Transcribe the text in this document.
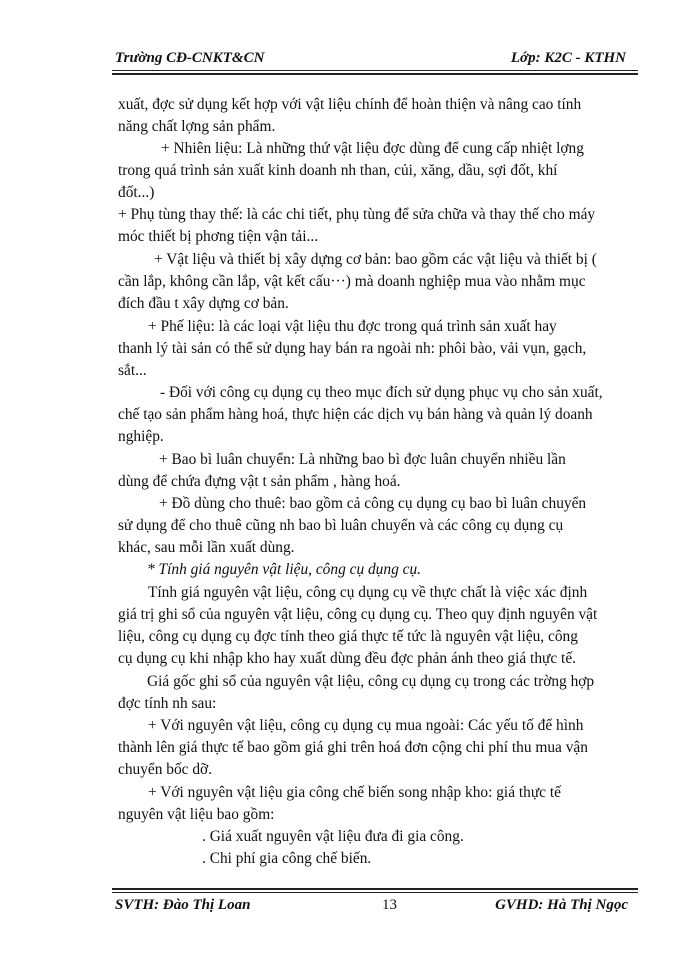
Trường CĐ-CNKT&CN	Lớp: K2C - KTHN
xuất, đợc sử dụng kết hợp với vật liệu chính để hoàn thiện và nâng cao tính
năng chất lợng sản phẩm.
+ Nhiên liệu: Là những thứ vật liệu đợc dùng để cung cấp nhiệt lợng
trong quá trình sản xuất kinh doanh nh than, củi, xăng, dầu, sợi đốt, khí
đốt...)
+ Phụ tùng thay thế: là các chi tiết, phụ tùng để sửa chữa và thay thế cho máy
móc thiết bị phơng tiện vận tải...
+ Vật liệu và thiết bị xây dựng cơ bản: bao gồm các vật liệu và thiết bị (
cần lắp, không cần lắp, vật kết cấu···) mà doanh nghiệp mua vào nhằm mục
đích đầu t xây dựng cơ bản.
+ Phế liệu: là các loại vật liệu thu đợc trong quá trình sản xuất hay
thanh lý tài sản có thể sử dụng hay bán ra ngoài nh: phôi bào, vải vụn, gạch,
sắt...
- Đối với công cụ dụng cụ theo mục đích sử dụng phục vụ cho sản xuất,
chế tạo sản phẩm hàng hoá, thực hiện các dịch vụ bán hàng và quản lý doanh
nghiệp.
+ Bao bì luân chuyển: Là những bao bì đợc luân chuyển nhiều lần
dùng để chứa đựng vật t sản phẩm , hàng hoá.
+ Đồ dùng cho thuê: bao gồm cả công cụ dụng cụ bao bì luân chuyển
sử dụng để cho thuê cũng nh bao bì luân chuyển và các công cụ dụng cụ
khác, sau mỗi lần xuất dùng.
* Tính giá nguyên vật liệu, công cụ dụng cụ.
Tính giá nguyên vật liệu, công cụ dụng cụ về thực chất là việc xác định
giá trị ghi sổ của nguyên vật liệu, công cụ dụng cụ. Theo quy định nguyên vật
liệu, công cụ dụng cụ đợc tính theo giá thực tế tức là nguyên vật liệu, công
cụ dụng cụ khi nhập kho hay xuất dùng đều đợc phản ánh theo giá thực tế.
Giá gốc ghi sổ của nguyên vật liệu, công cụ dụng cụ trong các trờng hợp
đợc tính nh sau:
+ Với nguyên vật liệu, công cụ dụng cụ mua ngoài: Các yếu tố để hình
thành lên giá thực tế bao gồm giá ghi trên hoá đơn cộng chi phí thu mua vận
chuyển bốc dỡ.
+ Với nguyên vật liệu gia công chế biến song nhập kho: giá thực tế
nguyên vật liệu bao gồm:
. Giá xuất nguyên vật liệu đưa đi gia công.
. Chi phí gia công chế biến.
SVTH: Đào Thị Loan	13	GVHD: Hà Thị Ngọc
